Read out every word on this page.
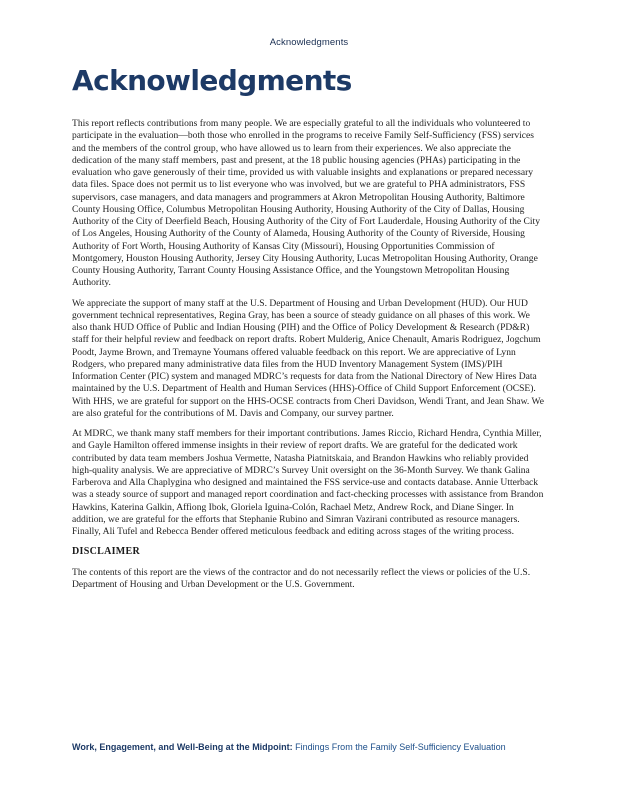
Acknowledgments
Acknowledgments

This report reflects contributions from many people. We are especially grateful to all the individuals who volunteered to participate in the evaluation—both those who enrolled in the programs to receive Family Self-Sufficiency (FSS) services and the members of the control group, who have allowed us to learn from their experiences. We also appreciate the dedication of the many staff members, past and present, at the 18 public housing agencies (PHAs) participating in the evaluation who gave generously of their time, provided us with valuable insights and explanations or prepared necessary data files. Space does not permit us to list everyone who was involved, but we are grateful to PHA administrators, FSS supervisors, case managers, and data managers and programmers at Akron Metropolitan Housing Authority, Baltimore County Housing Office, Columbus Metropolitan Housing Authority, Housing Authority of the City of Dallas, Housing Authority of the City of Deerfield Beach, Housing Authority of the City of Fort Lauderdale, Housing Authority of the City of Los Angeles, Housing Authority of the County of Alameda, Housing Authority of the County of Riverside, Housing Authority of Fort Worth, Housing Authority of Kansas City (Missouri), Housing Opportunities Commission of Montgomery, Houston Housing Authority, Jersey City Housing Authority, Lucas Metropolitan Housing Authority, Orange County Housing Authority, Tarrant County Housing Assistance Office, and the Youngstown Metropolitan Housing Authority.

We appreciate the support of many staff at the U.S. Department of Housing and Urban Development (HUD). Our HUD government technical representatives, Regina Gray, has been a source of steady guidance on all phases of this work. We also thank HUD Office of Public and Indian Housing (PIH) and the Office of Policy Development & Research (PD&R) staff for their helpful review and feedback on report drafts. Robert Mulderig, Anice Chenault, Amaris Rodriguez, Jogchum Poodt, Jayme Brown, and Tremayne Youmans offered valuable feedback on this report. We are appreciative of Lynn Rodgers, who prepared many administrative data files from the HUD Inventory Management System (IMS)/PIH Information Center (PIC) system and managed MDRC’s requests for data from the National Directory of New Hires Data maintained by the U.S. Department of Health and Human Services (HHS)-Office of Child Support Enforcement (OCSE). With HHS, we are grateful for support on the HHS-OCSE contracts from Cheri Davidson, Wendi Trant, and Jean Shaw. We are also grateful for the contributions of M. Davis and Company, our survey partner.

At MDRC, we thank many staff members for their important contributions. James Riccio, Richard Hendra, Cynthia Miller, and Gayle Hamilton offered immense insights in their review of report drafts. We are grateful for the dedicated work contributed by data team members Joshua Vermette, Natasha Piatnitskaia, and Brandon Hawkins who reliably provided high-quality analysis. We are appreciative of MDRC’s Survey Unit oversight on the 36-Month Survey. We thank Galina Farberova and Alla Chaplygina who designed and maintained the FSS service-use and contacts database. Annie Utterback was a steady source of support and managed report coordination and fact-checking processes with assistance from Brandon Hawkins, Katerina Galkin, Affiong Ibok, Gloriela Iguina-Colón, Rachael Metz, Andrew Rock, and Diane Singer. In addition, we are grateful for the efforts that Stephanie Rubino and Simran Vazirani contributed as resource managers. Finally, Ali Tufel and Rebecca Bender offered meticulous feedback and editing across stages of the writing process.

DISCLAIMER

The contents of this report are the views of the contractor and do not necessarily reflect the views or policies of the U.S. Department of Housing and Urban Development or the U.S. Government.

Work, Engagement, and Well-Being at the Midpoint: Findings From the Family Self-Sufficiency Evaluation
